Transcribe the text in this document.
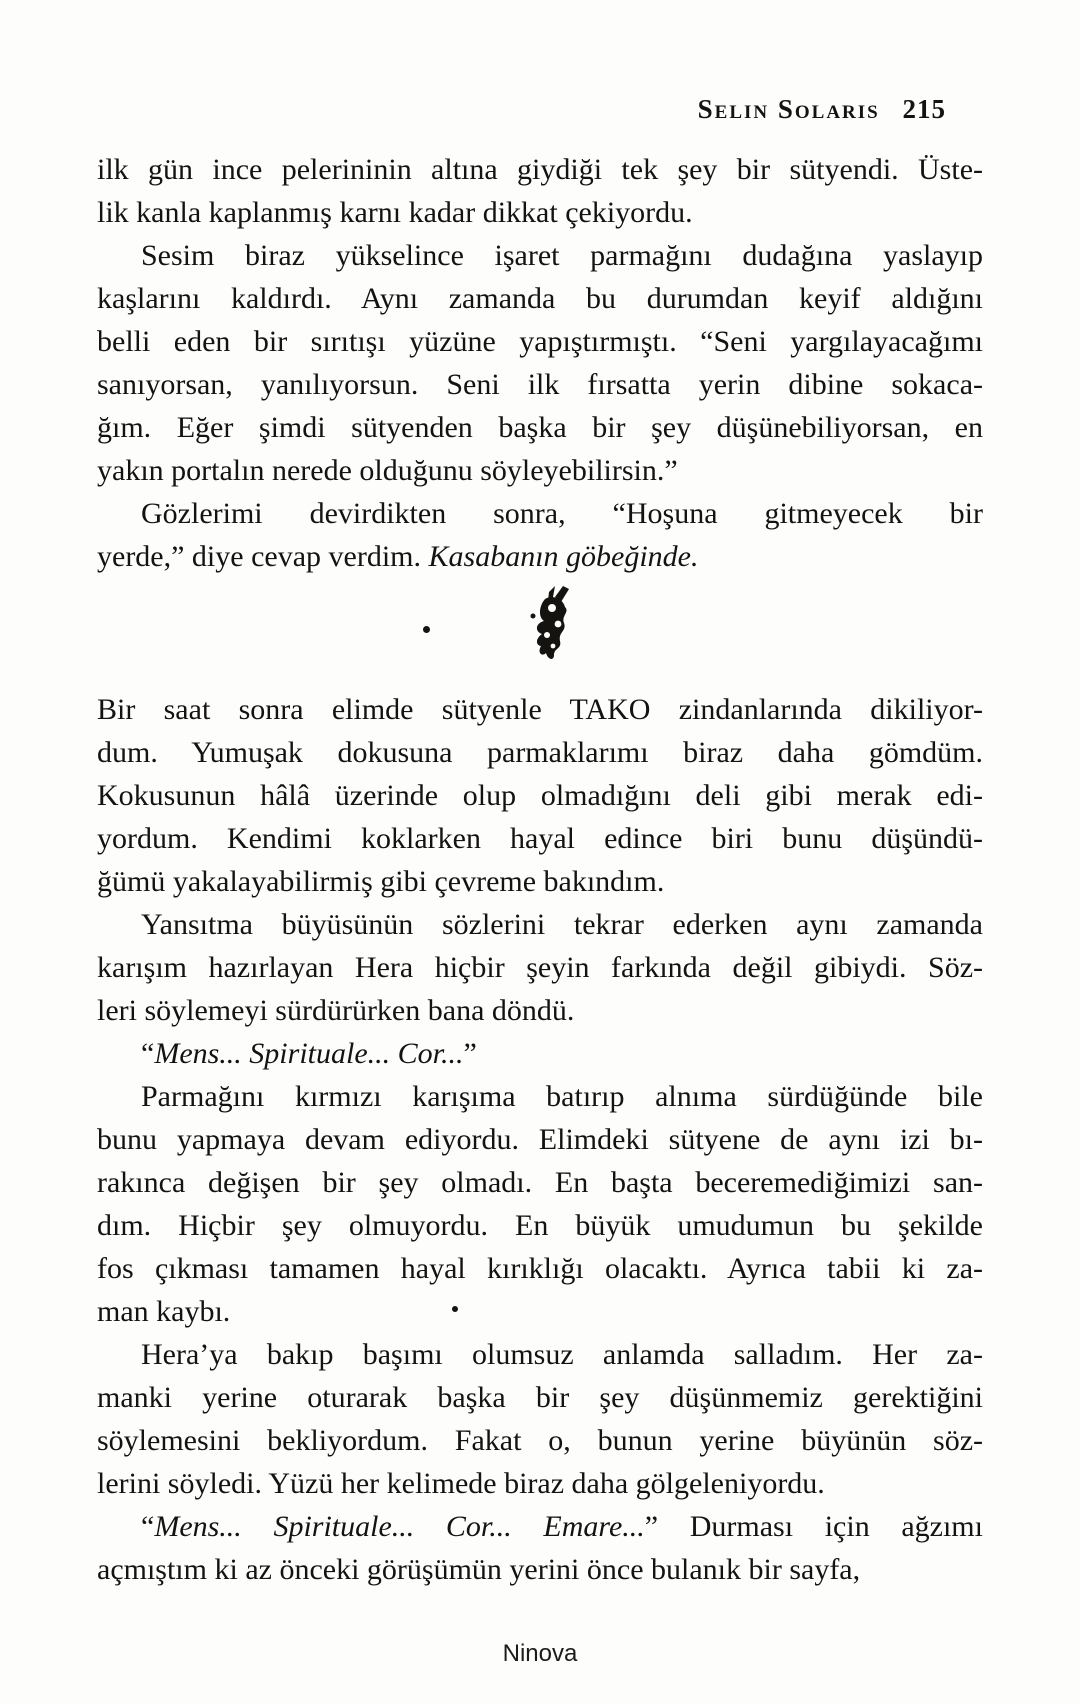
Selin Solaris 215
ilk gün ince pelerininin altına giydiği tek şey bir sütyendi. Üste-
lik kanla kaplanmış karnı kadar dikkat çekiyordu.
Sesim biraz yükselince işaret parmağını dudağına yaslayıp
kaşlarını kaldırdı. Aynı zamanda bu durumdan keyif aldığını
belli eden bir sırıtışı yüzüne yapıştırmıştı. “Seni yargılayacağımı
sanıyorsan, yanılıyorsun. Seni ilk fırsatta yerin dibine sokaca-
ğım. Eğer şimdi sütyenden başka bir şey düşünebiliyorsan, en
yakın portalın nerede olduğunu söyleyebilirsin.”
Gözlerimi devirdikten sonra, “Hoşuna gitmeyecek bir
yerde,” diye cevap verdim. Kasabanın göbeğinde.
Bir saat sonra elimde sütyenle TAKO zindanlarında dikiliyor-
dum. Yumuşak dokusuna parmaklarımı biraz daha gömdüm.
Kokusunun hâlâ üzerinde olup olmadığını deli gibi merak edi-
yordum. Kendimi koklarken hayal edince biri bunu düşündü-
ğümü yakalayabilirmiş gibi çevreme bakındım.
Yansıtma büyüsünün sözlerini tekrar ederken aynı zamanda
karışım hazırlayan Hera hiçbir şeyin farkında değil gibiydi. Söz-
leri söylemeyi sürdürürken bana döndü.
“Mens... Spirituale... Cor...”
Parmağını kırmızı karışıma batırıp alnıma sürdüğünde bile
bunu yapmaya devam ediyordu. Elimdeki sütyene de aynı izi bı-
rakınca değişen bir şey olmadı. En başta beceremediğimizi san-
dım. Hiçbir şey olmuyordu. En büyük umudumun bu şekilde
fos çıkması tamamen hayal kırıklığı olacaktı. Ayrıca tabii ki za-
man kaybı.
Hera’ya bakıp başımı olumsuz anlamda salladım. Her za-
manki yerine oturarak başka bir şey düşünmemiz gerektiğini
söylemesini bekliyordum. Fakat o, bunun yerine büyünün söz-
lerini söyledi. Yüzü her kelimede biraz daha gölgeleniyordu.
“Mens... Spirituale... Cor... Emare...” Durması için ağzımı
açmıştım ki az önceki görüşümün yerini önce bulanık bir sayfa,
Ninova
